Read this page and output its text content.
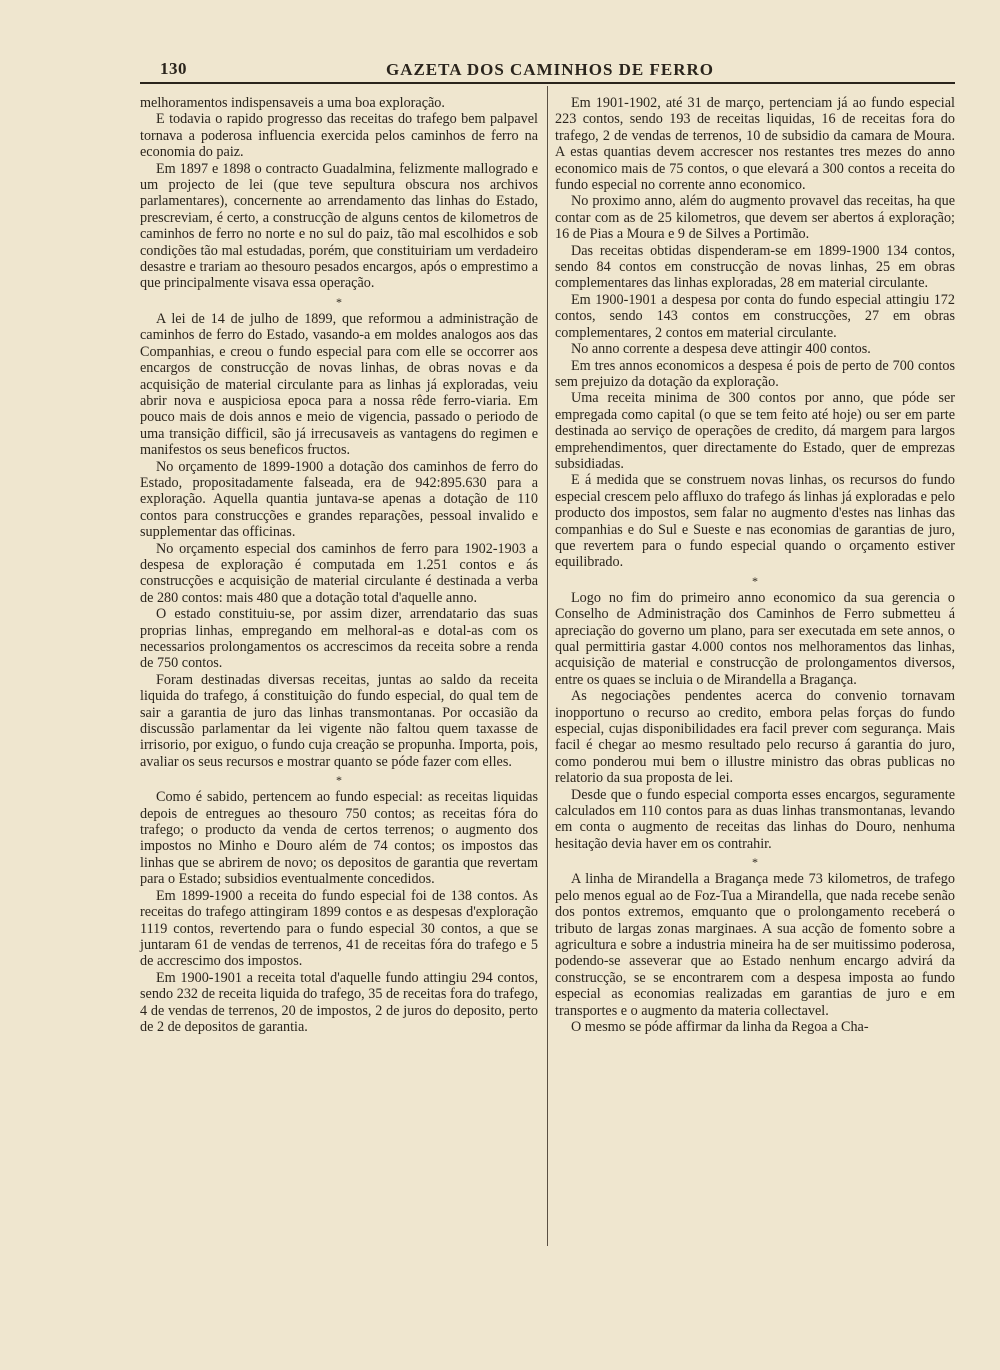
130	GAZETA DOS CAMINHOS DE FERRO

melhoramentos indispensaveis a uma boa exploração.

E todavia o rapido progresso das receitas do trafego bem palpavel tornava a poderosa influencia exercida pelos caminhos de ferro na economia do paiz.

Em 1897 e 1898 o contracto Guadalmina, felizmente mallogrado e um projecto de lei (que teve sepultura obscura nos archivos parlamentares), concernente ao arrendamento das linhas do Estado, prescreviam, é certo, a construcção de alguns centos de kilometros de caminhos de ferro no norte e no sul do paiz, tão mal escolhidos e sob condições tão mal estudadas, porém, que constituiriam um verdadeiro desastre e trariam ao thesouro pesados encargos, após o emprestimo a que principalmente visava essa operação.

*

A lei de 14 de julho de 1899, que reformou a administração de caminhos de ferro do Estado, vasando-a em moldes analogos aos das Companhias, e creou o fundo especial para com elle se occorrer aos encargos de construcção de novas linhas, de obras novas e da acquisição de material circulante para as linhas já exploradas, veiu abrir nova e auspiciosa epoca para a nossa rêde ferro-viaria. Em pouco mais de dois annos e meio de vigencia, passado o periodo de uma transição difficil, são já irrecusaveis as vantagens do regimen e manifestos os seus beneficos fructos.

No orçamento de 1899-1900 a dotação dos caminhos de ferro do Estado, propositadamente falseada, era de 942:895.630 para a exploração. Aquella quantia juntava-se apenas a dotação de 110 contos para construcções e grandes reparações, pessoal invalido e supplementar das officinas.

No orçamento especial dos caminhos de ferro para 1902-1903 a despesa de exploração é computada em 1.251 contos e ás construcções e acquisição de material circulante é destinada a verba de 280 contos: mais 480 que a dotação total d'aquelle anno.

O estado constituiu-se, por assim dizer, arrendatario das suas proprias linhas, empregando em melhoral-as e dotal-as com os necessarios prolongamentos os accrescimos da receita sobre a renda de 750 contos.

Foram destinadas diversas receitas, juntas ao saldo da receita liquida do trafego, á constituição do fundo especial, do qual tem de sair a garantia de juro das linhas transmontanas. Por occasião da discussão parlamentar da lei vigente não faltou quem taxasse de irrisorio, por exiguo, o fundo cuja creação se propunha. Importa, pois, avaliar os seus recursos e mostrar quanto se póde fazer com elles.

*

Como é sabido, pertencem ao fundo especial: as receitas liquidas depois de entregues ao thesouro 750 contos; as receitas fóra do trafego; o producto da venda de certos terrenos; o augmento dos impostos no Minho e Douro além de 74 contos; os impostos das linhas que se abrirem de novo; os depositos de garantia que revertam para o Estado; subsidios eventualmente concedidos.

Em 1899-1900 a receita do fundo especial foi de 138 contos. As receitas do trafego attingiram 1899 contos e as despesas d'exploração 1119 contos, revertendo para o fundo especial 30 contos, a que se juntaram 61 de vendas de terrenos, 41 de receitas fóra do trafego e 5 de accrescimo dos impostos.

Em 1900-1901 a receita total d'aquelle fundo attingiu 294 contos, sendo 232 de receita liquida do trafego, 35 de receitas fora do trafego, 4 de vendas de terrenos, 20 de impostos, 2 de juros do deposito, perto de 2 de depositos de garantia.

Em 1901-1902, até 31 de março, pertenciam já ao fundo especial 223 contos, sendo 193 de receitas liquidas, 16 de receitas fora do trafego, 2 de vendas de terrenos, 10 de subsidio da camara de Moura. A estas quantias devem accrescer nos restantes tres mezes do anno economico mais de 75 contos, o que elevará a 300 contos a receita do fundo especial no corrente anno economico.

No proximo anno, além do augmento provavel das receitas, ha que contar com as de 25 kilometros, que devem ser abertos á exploração; 16 de Pias a Moura e 9 de Silves a Portimão.

Das receitas obtidas dispenderam-se em 1899-1900 134 contos, sendo 84 contos em construcção de novas linhas, 25 em obras complementares das linhas exploradas, 28 em material circulante.

Em 1900-1901 a despesa por conta do fundo especial attingiu 172 contos, sendo 143 contos em construcções, 27 em obras complementares, 2 contos em material circulante.

No anno corrente a despesa deve attingir 400 contos.

Em tres annos economicos a despesa é pois de perto de 700 contos sem prejuizo da dotação da exploração.

Uma receita minima de 300 contos por anno, que póde ser empregada como capital (o que se tem feito até hoje) ou ser em parte destinada ao serviço de operações de credito, dá margem para largos emprehendimentos, quer directamente do Estado, quer de emprezas subsidiadas.

E á medida que se construem novas linhas, os recursos do fundo especial crescem pelo affluxo do trafego ás linhas já exploradas e pelo producto dos impostos, sem falar no augmento d'estes nas linhas das companhias e do Sul e Sueste e nas economias de garantias de juro, que revertem para o fundo especial quando o orçamento estiver equilibrado.

*

Logo no fim do primeiro anno economico da sua gerencia o Conselho de Administração dos Caminhos de Ferro submetteu á apreciação do governo um plano, para ser executada em sete annos, o qual permittiria gastar 4.000 contos nos melhoramentos das linhas, acquisição de material e construcção de prolongamentos diversos, entre os quaes se incluia o de Mirandella a Bragança.

As negociações pendentes acerca do convenio tornavam inopportuno o recurso ao credito, embora pelas forças do fundo especial, cujas disponibilidades era facil prever com segurança. Mais facil é chegar ao mesmo resultado pelo recurso á garantia do juro, como ponderou mui bem o illustre ministro das obras publicas no relatorio da sua proposta de lei.

Desde que o fundo especial comporta esses encargos, seguramente calculados em 110 contos para as duas linhas transmontanas, levando em conta o augmento de receitas das linhas do Douro, nenhuma hesitação devia haver em os contrahir.

*

A linha de Mirandella a Bragança mede 73 kilometros, de trafego pelo menos egual ao de Foz-Tua a Mirandella, que nada recebe senão dos pontos extremos, emquanto que o prolongamento receberá o tributo de largas zonas marginaes. A sua acção de fomento sobre a agricultura e sobre a industria mineira ha de ser muitissimo poderosa, podendo-se asseverar que ao Estado nenhum encargo advirá da construcção, se se encontrarem com a despesa imposta ao fundo especial as economias realizadas em garantias de juro e em transportes e o augmento da materia collectavel.

O mesmo se póde affirmar da linha da Regoa a Cha-
